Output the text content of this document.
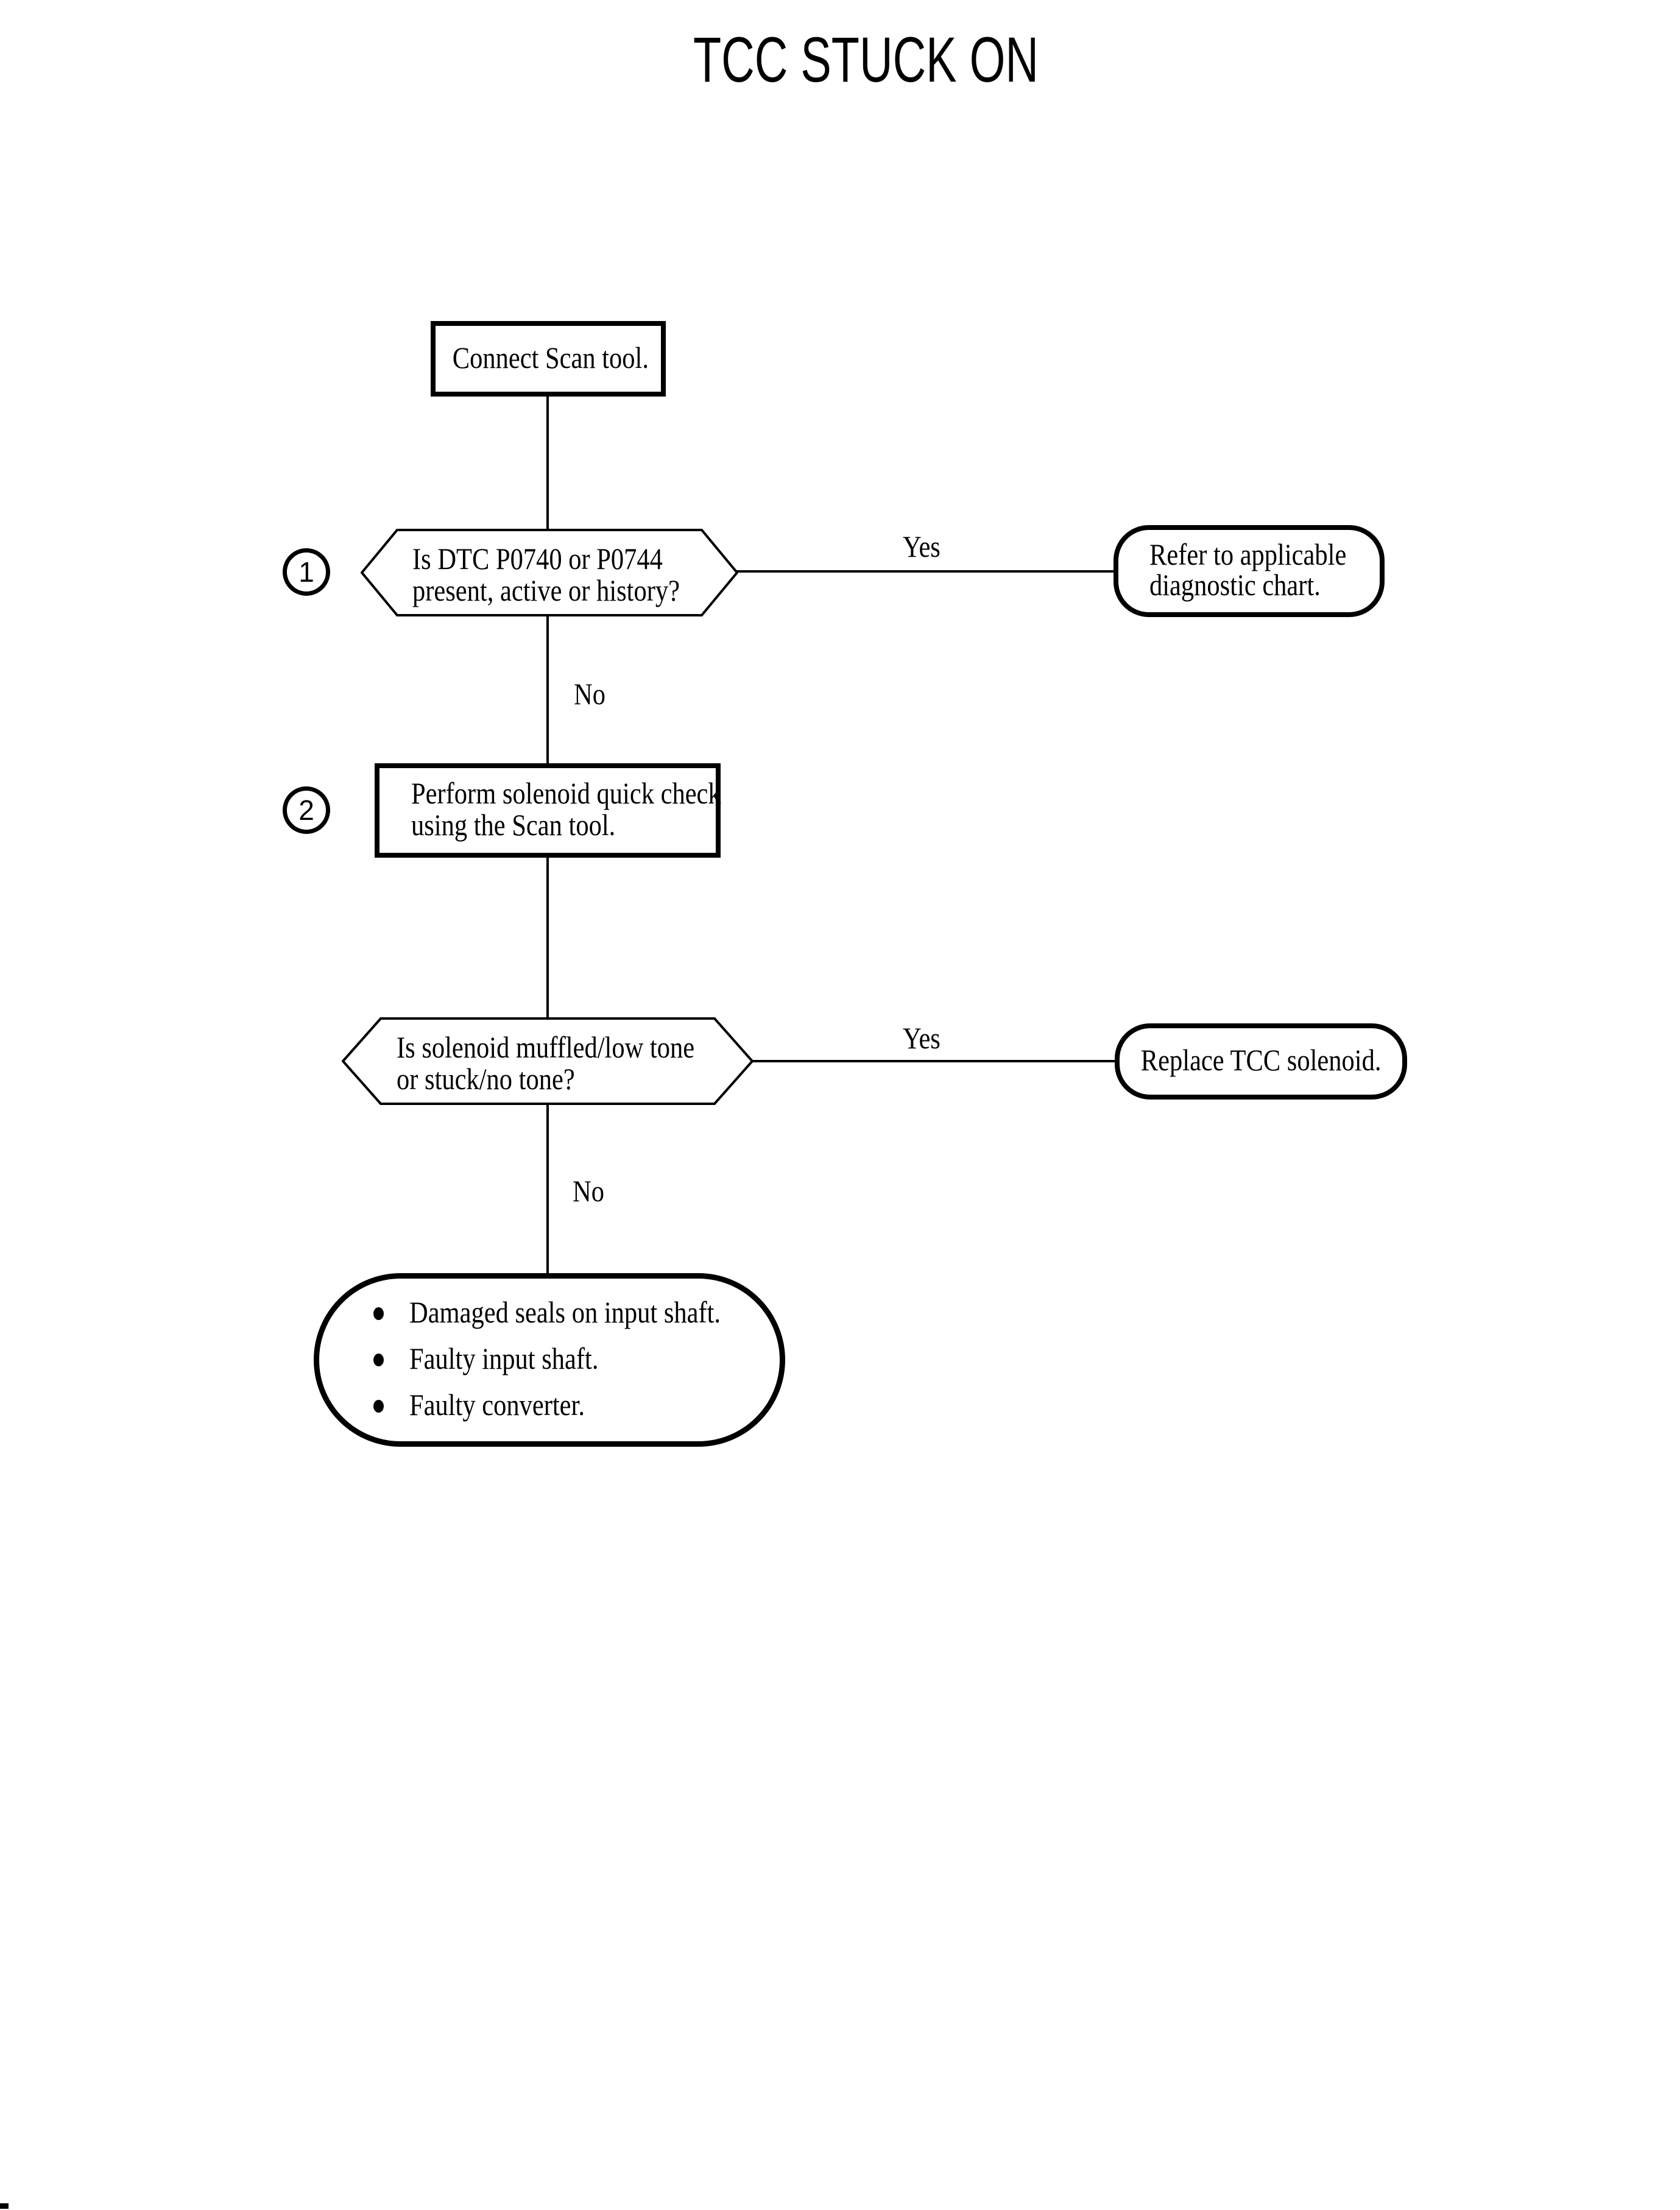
TCC STUCK ON
Connect Scan tool.
1	Is DTC P0740 or P0744
present, active or history?
Yes
No
Refer to applicable
diagnostic chart.
2	Perform solenoid quick check
using the Scan tool.
Is solenoid muffled/low tone
or stuck/no tone?
Yes
No
Replace TCC solenoid.
Damaged seals on input shaft.
Faulty input shaft.
Faulty converter.
